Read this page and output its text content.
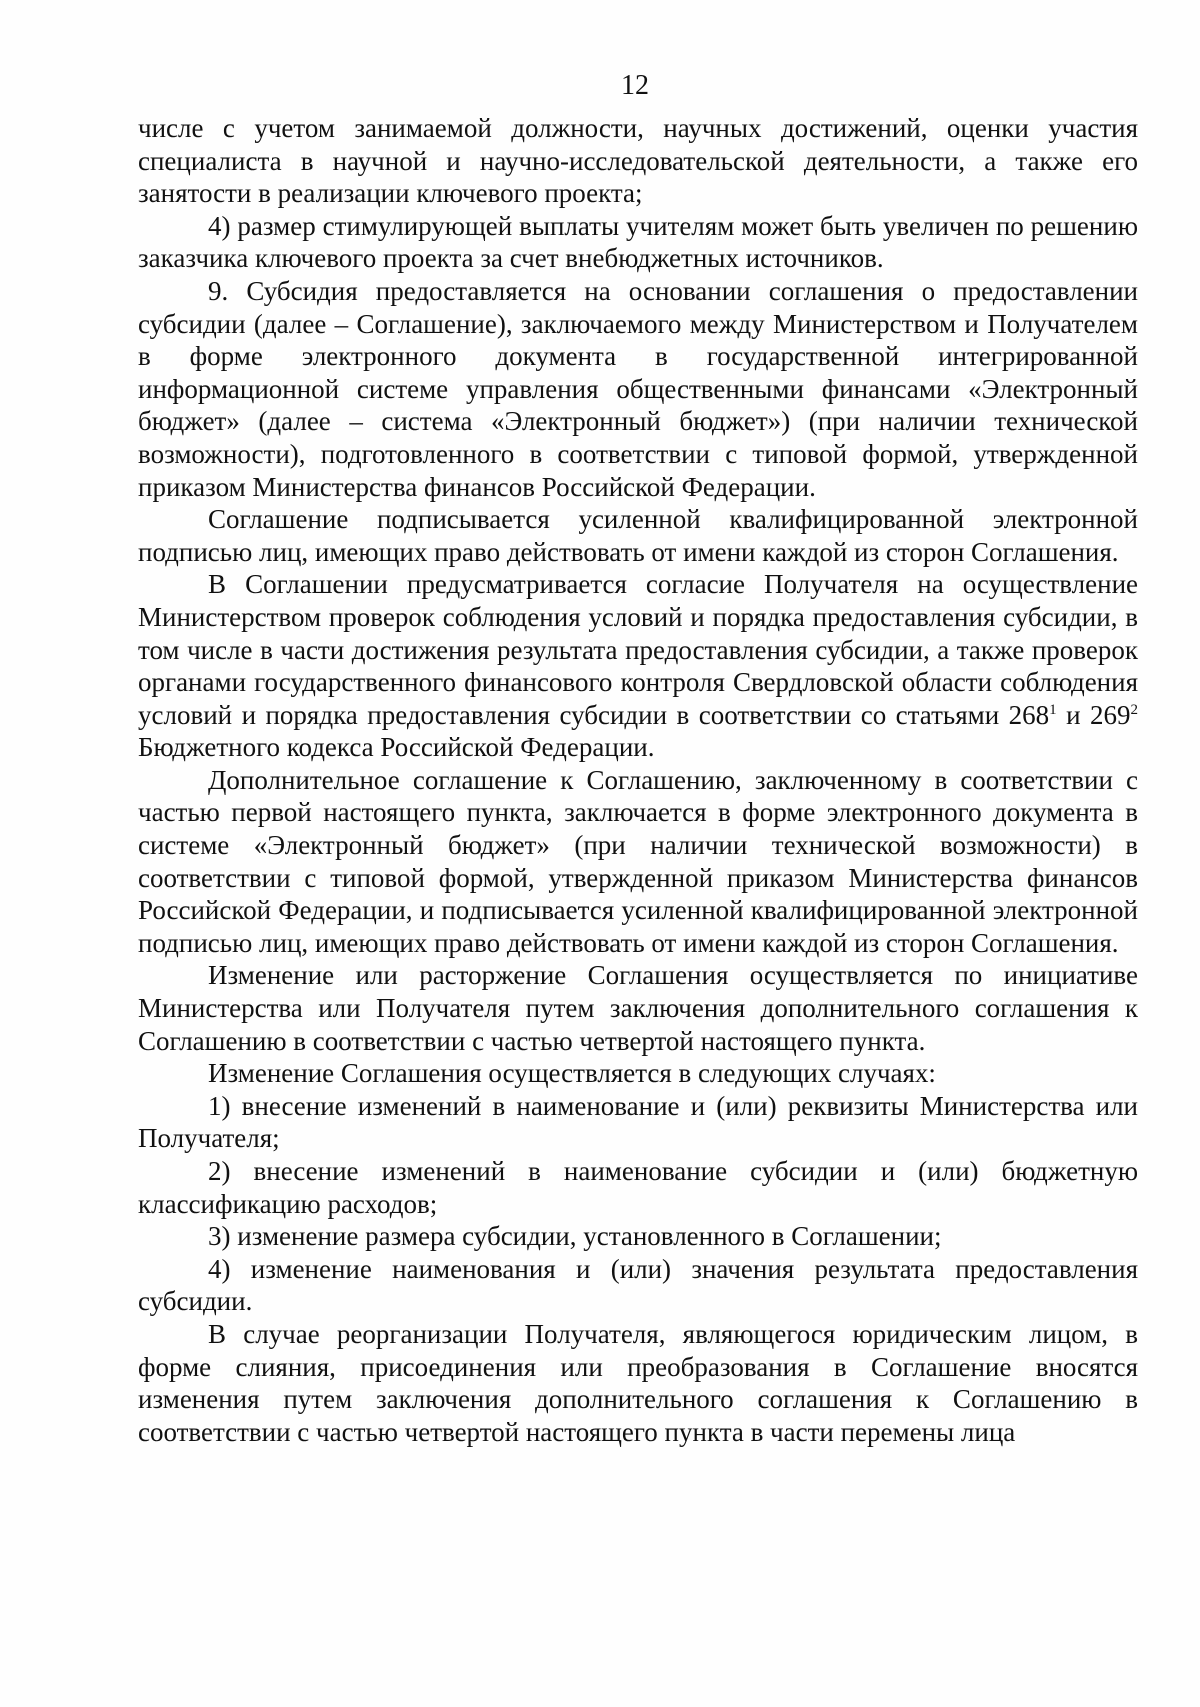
12

числе с учетом занимаемой должности, научных достижений, оценки участия специалиста в научной и научно-исследовательской деятельности, а также его занятости в реализации ключевого проекта;

4) размер стимулирующей выплаты учителям может быть увеличен по решению заказчика ключевого проекта за счет внебюджетных источников.

9. Субсидия предоставляется на основании соглашения о предоставлении субсидии (далее – Соглашение), заключаемого между Министерством и Получателем в форме электронного документа в государственной интегрированной информационной системе управления общественными финансами «Электронный бюджет» (далее – система «Электронный бюджет») (при наличии технической возможности), подготовленного в соответствии с типовой формой, утвержденной приказом Министерства финансов Российской Федерации.

Соглашение подписывается усиленной квалифицированной электронной подписью лиц, имеющих право действовать от имени каждой из сторон Соглашения.

В Соглашении предусматривается согласие Получателя на осуществление Министерством проверок соблюдения условий и порядка предоставления субсидии, в том числе в части достижения результата предоставления субсидии, а также проверок органами государственного финансового контроля Свердловской области соблюдения условий и порядка предоставления субсидии в соответствии со статьями $268^1$ и $269^2$ Бюджетного кодекса Российской Федерации.

Дополнительное соглашение к Соглашению, заключенному в соответствии с частью первой настоящего пункта, заключается в форме электронного документа в системе «Электронный бюджет» (при наличии технической возможности) в соответствии с типовой формой, утвержденной приказом Министерства финансов Российской Федерации, и подписывается усиленной квалифицированной электронной подписью лиц, имеющих право действовать от имени каждой из сторон Соглашения.

Изменение или расторжение Соглашения осуществляется по инициативе Министерства или Получателя путем заключения дополнительного соглашения к Соглашению в соответствии с частью четвертой настоящего пункта.

Изменение Соглашения осуществляется в следующих случаях:

1) внесение изменений в наименование и (или) реквизиты Министерства или Получателя;

2) внесение изменений в наименование субсидии и (или) бюджетную классификацию расходов;

3) изменение размера субсидии, установленного в Соглашении;

4) изменение наименования и (или) значения результата предоставления субсидии.

В случае реорганизации Получателя, являющегося юридическим лицом, в форме слияния, присоединения или преобразования в Соглашение вносятся изменения путем заключения дополнительного соглашения к Соглашению в соответствии с частью четвертой настоящего пункта в части перемены лица
